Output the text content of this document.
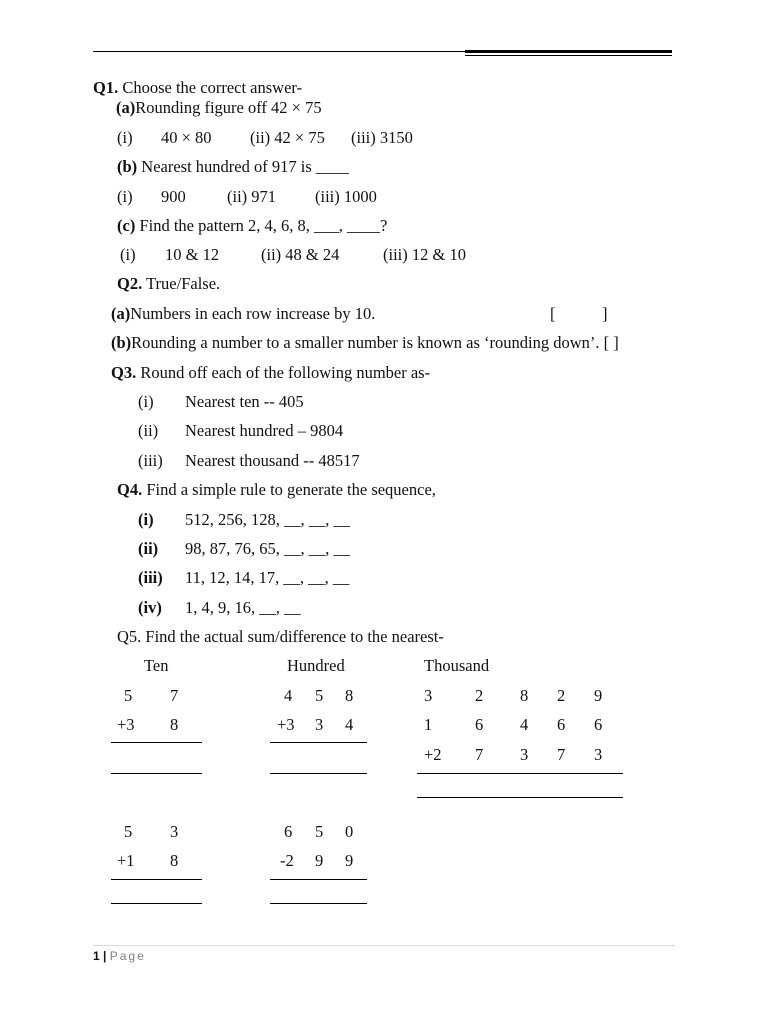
Q1. Choose the correct answer-
(a)Rounding figure off 42 × 75
(i) 40 × 80 (ii) 42 × 75 (iii) 3150
(b) Nearest hundred of 917 is ____
(i) 900	(ii) 971 (iii) 1000
(c) Find the pattern 2, 4, 6, 8, ___, ____?
(i) 10 & 12	(ii) 48 & 24	(iii) 12 & 10
Q2. True/False.
(a)Numbers in each row increase by 10.	[	]
(b)Rounding a number to a smaller number is known as ‘rounding down’. [ ]
Q3. Round off each of the following number as-
(i) Nearest ten -- 405
(ii) Nearest hundred – 9804
(iii) Nearest thousand -- 48517
Q4. Find a simple rule to generate the sequence,
(i) 512, 256, 128, __, __, __
(ii) 98, 87, 76, 65, __, __, __
(iii) 11, 12, 14, 17, __, __, __
(iv) 1, 4, 9, 16, __, __
Q5. Find the actual sum/difference to the nearest-
Ten	Hundred	Thousand
5 7
+3 8
4 5 8
+3 3 4
3	2 8 2 9
1	6 4 6 6
+2 7 3 7 3
5 3
+1 8
6 5 0
-2 9 9
1 | Page
